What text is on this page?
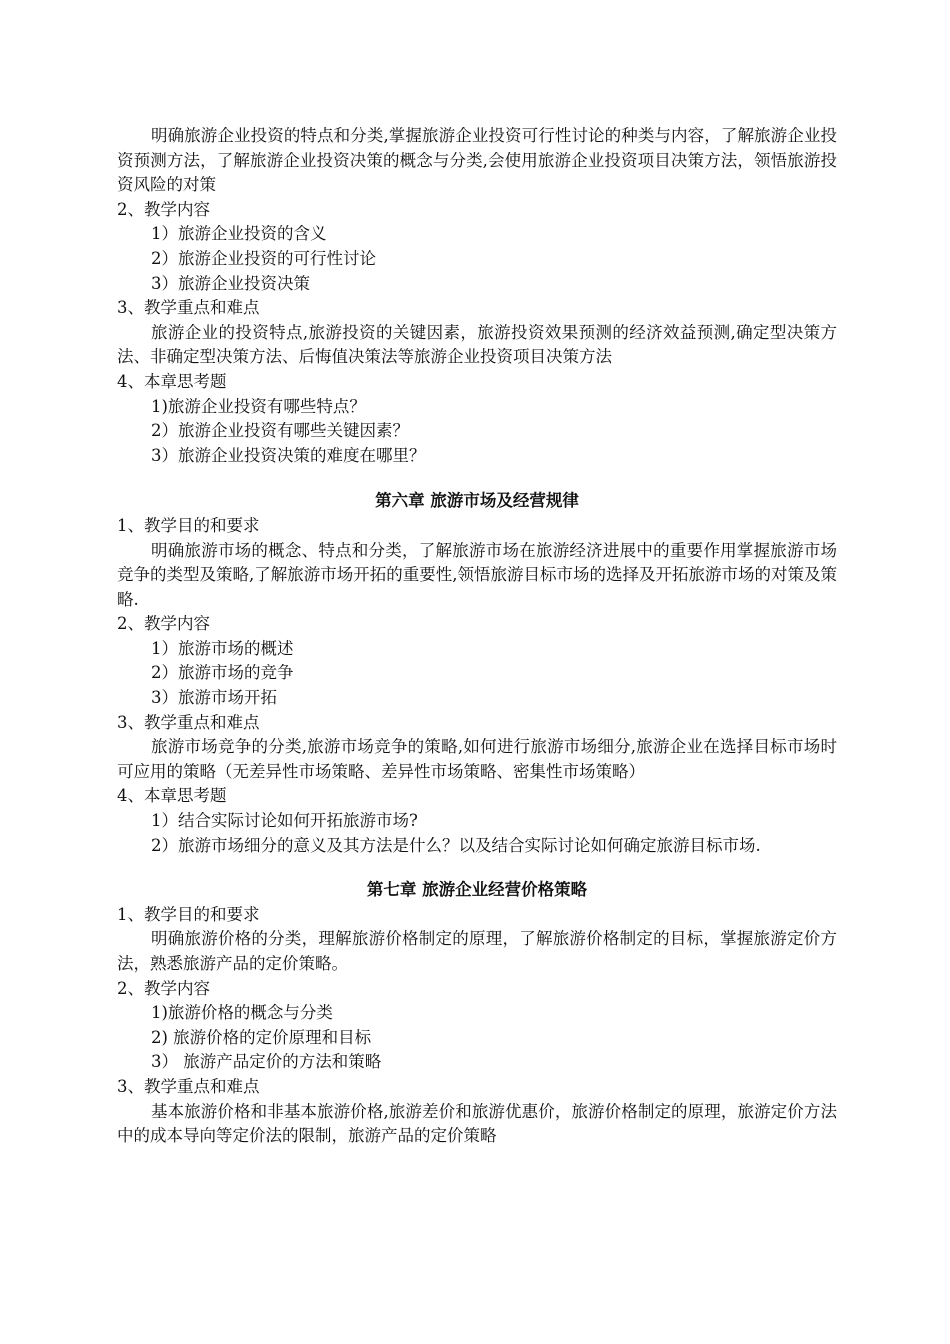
明确旅游企业投资的特点和分类,掌握旅游企业投资可行性讨论的种类与内容，了解旅游企业投资预测方法，了解旅游企业投资决策的概念与分类,会使用旅游企业投资项目决策方法，领悟旅游投资风险的对策
2、教学内容
1）旅游企业投资的含义
2）旅游企业投资的可行性讨论
3）旅游企业投资决策
3、教学重点和难点
旅游企业的投资特点,旅游投资的关键因素，旅游投资效果预测的经济效益预测,确定型决策方法、非确定型决策方法、后悔值决策法等旅游企业投资项目决策方法
4、本章思考题
1)旅游企业投资有哪些特点？
2）旅游企业投资有哪些关键因素？
3）旅游企业投资决策的难度在哪里？
第六章 旅游市场及经营规律
1、教学目的和要求
明确旅游市场的概念、特点和分类，了解旅游市场在旅游经济进展中的重要作用掌握旅游市场竞争的类型及策略,了解旅游市场开拓的重要性,领悟旅游目标市场的选择及开拓旅游市场的对策及策略.
2、教学内容
1）旅游市场的概述
2）旅游市场的竞争
3）旅游市场开拓
3、教学重点和难点
旅游市场竞争的分类,旅游市场竞争的策略,如何进行旅游市场细分,旅游企业在选择目标市场时可应用的策略（无差异性市场策略、差异性市场策略、密集性市场策略）
4、本章思考题
1）结合实际讨论如何开拓旅游市场?
2）旅游市场细分的意义及其方法是什么？以及结合实际讨论如何确定旅游目标市场.
第七章 旅游企业经营价格策略
1、教学目的和要求
明确旅游价格的分类，理解旅游价格制定的原理，了解旅游价格制定的目标，掌握旅游定价方法，熟悉旅游产品的定价策略。
2、教学内容
1)旅游价格的概念与分类
2) 旅游价格的定价原理和目标
3） 旅游产品定价的方法和策略
3、教学重点和难点
基本旅游价格和非基本旅游价格,旅游差价和旅游优惠价，旅游价格制定的原理，旅游定价方法中的成本导向等定价法的限制，旅游产品的定价策略
